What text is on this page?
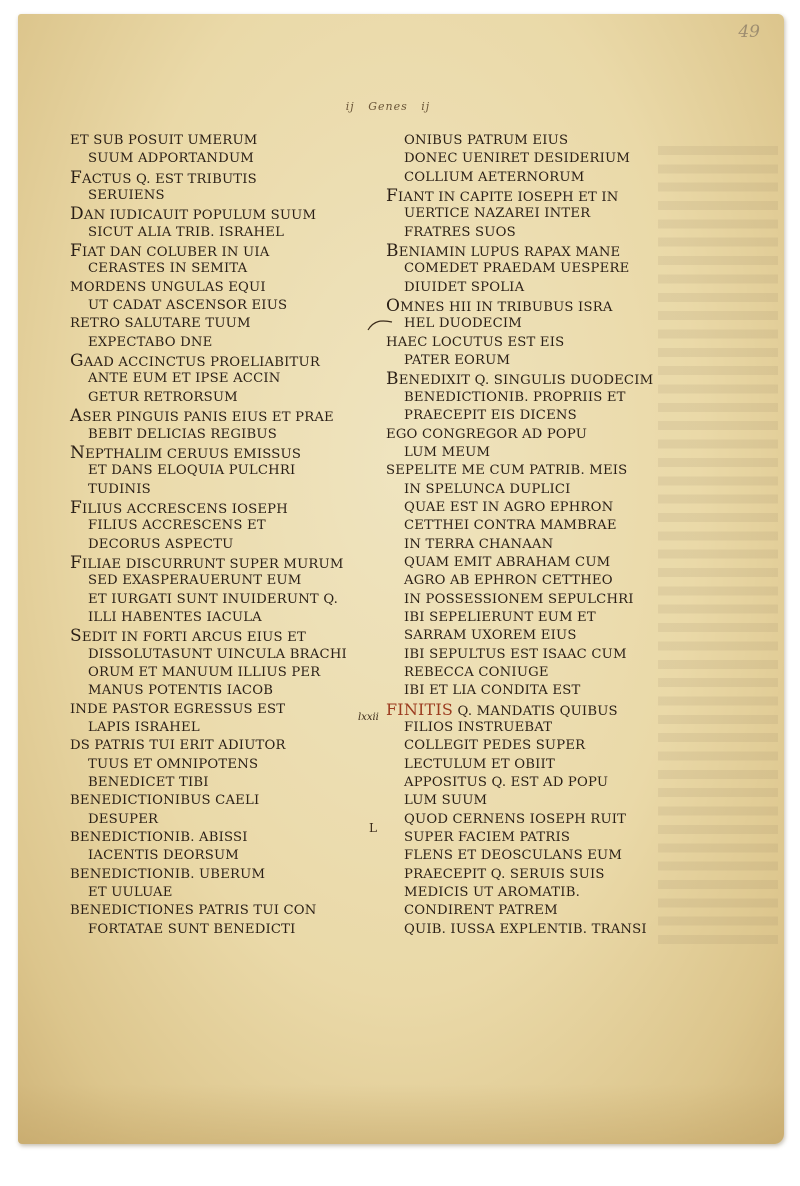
49
ij Genes ij
ET SUB POSUIT UMERUM
SUUM ADPORTANDUM
FACTUS Q. EST TRIBUTIS
SERUIENS
DAN IUDICAUIT POPULUM SUUM
SICUT ALIA TRIB. ISRAHEL
FIAT DAN COLUBER IN UIA
CERASTES IN SEMITA
MORDENS UNGULAS EQUI
UT CADAT ASCENSOR EIUS
RETRO SALUTARE TUUM
EXPECTABO DNE
GAAD ACCINCTUS PROELIABITUR
ANTE EUM ET IPSE ACCIN
GETUR RETRORSUM
ASER PINGUIS PANIS EIUS ET PRAE
BEBIT DELICIAS REGIBUS
NEPTHALIM CERUUS EMISSUS
ET DANS ELOQUIA PULCHRI
TUDINIS
FILIUS ACCRESCENS IOSEPH
FILIUS ACCRESCENS ET
DECORUS ASPECTU
FILIAE DISCURRUNT SUPER MURUM
SED EXASPERAUERUNT EUM
ET IURGATI SUNT INUIDERUNT Q.
ILLI HABENTES IACULA
SEDIT IN FORTI ARCUS EIUS ET
DISSOLUTASUNT UINCULA BRACHI
ORUM ET MANUUM ILLIUS PER
MANUS POTENTIS IACOB
INDE PASTOR EGRESSUS EST
LAPIS ISRAHEL
DS PATRIS TUI ERIT ADIUTOR
TUUS ET OMNIPOTENS
BENEDICET TIBI
BENEDICTIONIBUS CAELI
DESUPER
BENEDICTIONIB. ABISSI
IACENTIS DEORSUM
BENEDICTIONIB. UBERUM
ET UULUAE
BENEDICTIONES PATRIS TUI CON
FORTATAE SUNT BENEDICTI
ONIBUS PATRUM EIUS
DONEC UENIRET DESIDERIUM
COLLIUM AETERNORUM
FIANT IN CAPITE IOSEPH ET IN
UERTICE NAZAREI INTER
FRATRES SUOS
BENIAMIN LUPUS RAPAX MANE
COMEDET PRAEDAM UESPERE
DIUIDET SPOLIA
OMNES HII IN TRIBUBUS ISRA
HEL DUODECIM
HAEC LOCUTUS EST EIS
PATER EORUM
BENEDIXIT Q. SINGULIS DUODECIM
BENEDICTIONIB. PROPRIIS ET
PRAECEPIT EIS DICENS
EGO CONGREGOR AD POPU
LUM MEUM
SEPELITE ME CUM PATRIB. MEIS
IN SPELUNCA DUPLICI
QUAE EST IN AGRO EPHRON
CETTHEI CONTRA MAMBRAE
IN TERRA CHANAAN
QUAM EMIT ABRAHAM CUM
AGRO AB EPHRON CETTHEO
IN POSSESSIONEM SEPULCHRI
IBI SEPELIERUNT EUM ET
SARRAM UXOREM EIUS
IBI SEPULTUS EST ISAAC CUM
REBECCA CONIUGE
IBI ET LIA CONDITA EST
FINITIS Q. MANDATIS QUIBUS
FILIOS INSTRUEBAT
COLLEGIT PEDES SUPER
LECTULUM ET OBIIT
APPOSITUS Q. EST AD POPU
LUM SUUM
QUOD CERNENS IOSEPH RUIT
SUPER FACIEM PATRIS
FLENS ET DEOSCULANS EUM
PRAECEPIT Q. SERUIS SUIS
MEDICIS UT AROMATIB.
CONDIRENT PATREM
QUIB. IUSSA EXPLENTIB. TRANSI
lxxii
L
